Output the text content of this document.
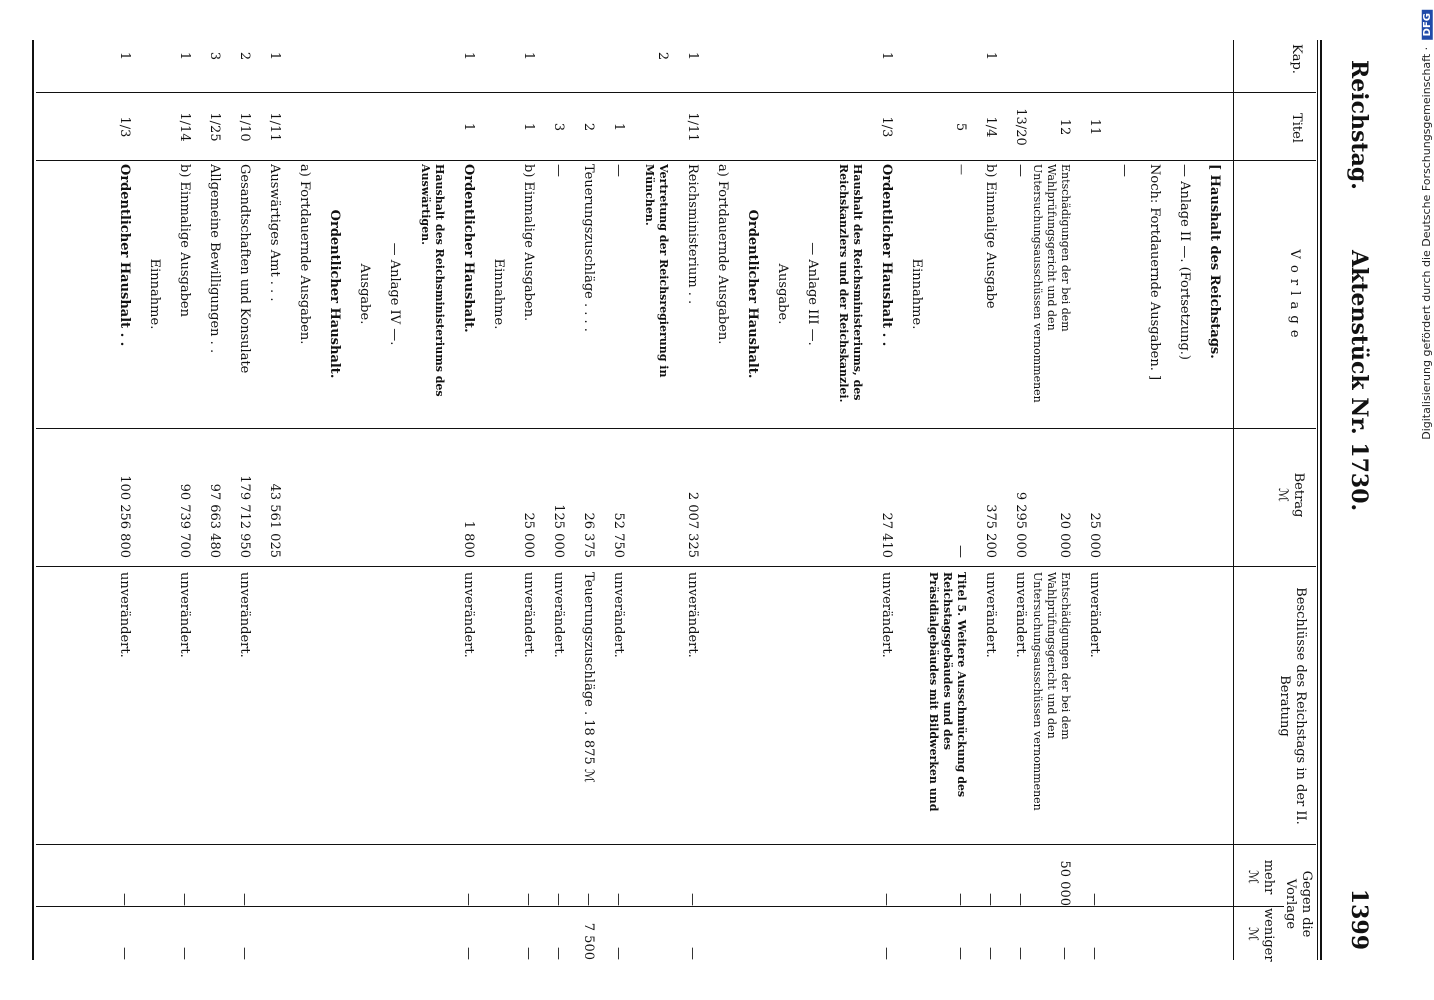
Reichstag.
Aktenstück Nr. 1730.
1399
Kap.
Titel
V o r l a g e
Betrag
ℳ
Beschlüsse des Reichstags in der II. Beratung
Gegen die Vorlage
mehr
ℳ
weniger
ℳ
[ Haushalt des Reichstags.
— Anlage II —. (Fortsetzung.)
Noch: Fortdauernde Ausgaben. ]
—
11
25 000
unverändert.
—
—
12
Entschädigungen der bei dem Wahlprüfungsgericht und den Untersuchungsausschüssen vernommenen
20 000
Entschädigungen der bei dem Wahlprüfungsgericht und den Untersuchungsausschüssen vernommenen
50 000
—
13/20
—
9 295 000
unverändert.
—
—
1
1/4
b) Einmalige Ausgabe
375 200
unverändert.
—
—
5
—
—
Titel 5. Weitere Ausschmückung des Reichstagsgebäudes und des Präsidialgebäudes mit Bildwerken und
—
—
Einnahme.
1
1/3
Ordentlicher Haushalt . .
27 410
unverändert.
—
—
Haushalt des Reichsministeriums, des Reichskanzlers und der Reichskanzlei.
— Anlage III —.
Ausgabe.
Ordentlicher Haushalt.
a) Fortdauernde Ausgaben.
1
1/11
Reichsministerium . .
2 007 325
unverändert.
—
—
2
Vertretung der Reichsregierung in München.
1
—
52 750
unverändert.
—
—
2
Teuerungszuschläge . . . .
26 375
Teuerungszuschläge . 18 875 ℳ
—
7 500
3
—
125 000
unverändert.
—
—
1
1
b) Einmalige Ausgaben.
25 000
unverändert.
—
—
Einnahme.
1
1
Ordentlicher Haushalt.
1 800
unverändert.
—
—
Haushalt des Reichsministeriums des Auswärtigen.
— Anlage IV —.
Ausgabe.
Ordentlicher Haushalt.
a) Fortdauernde Ausgaben.
1
1/11
Auswärtiges Amt . . .
43 561 025
2
1/10
Gesandtschaften und Konsulate
179 712 950
unverändert.
—
—
3
1/25
Allgemeine Bewilligungen . .
97 663 480
1
1/14
b) Einmalige Ausgaben
90 739 700
unverändert.
—
—
Einnahme.
1
1/3
Ordentlicher Haushalt . .
100 256 800
unverändert.
—
—
Digitalisierung gefördert durch die Deutsche Forschungsgemeinschaft · DFG
